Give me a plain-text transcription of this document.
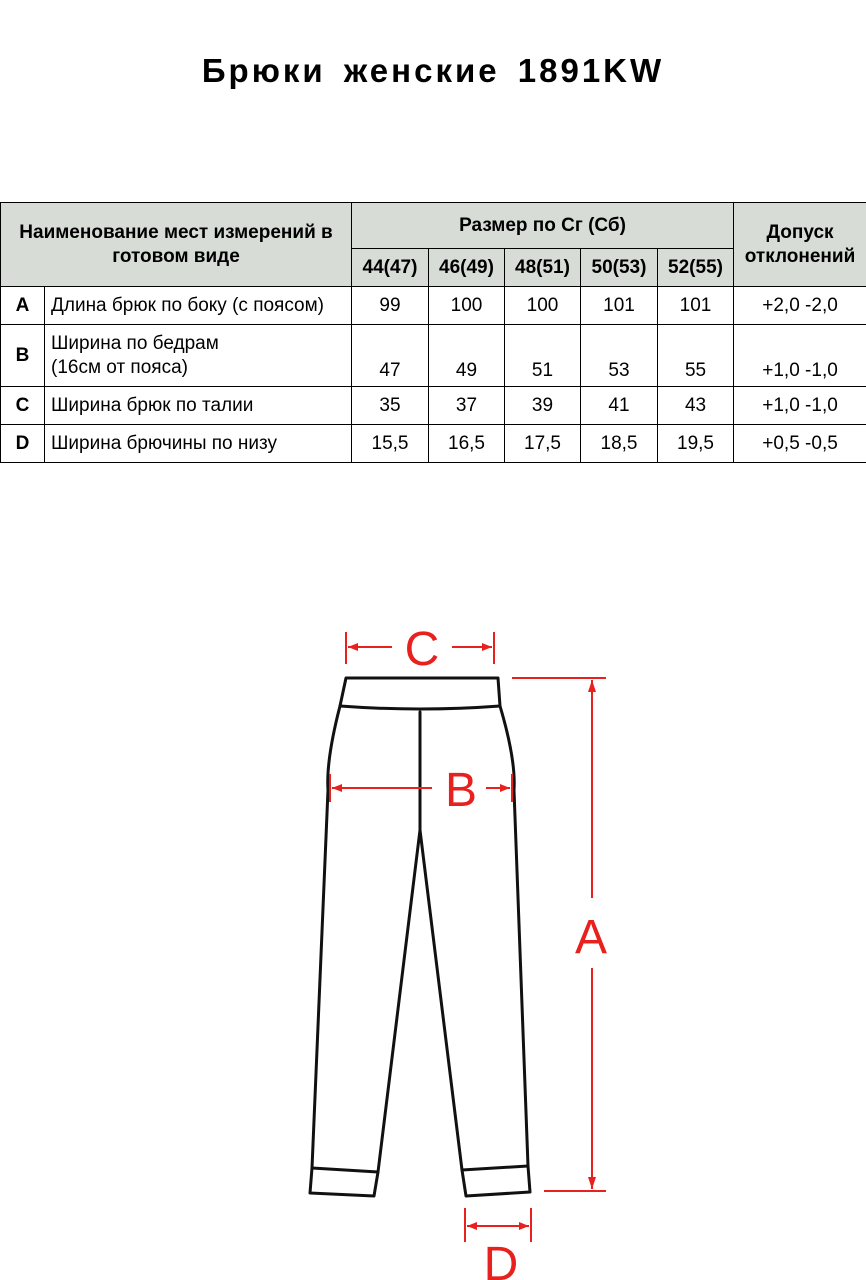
Брюки женские 1891KW
Наименование мест измерений в готовом виде		Размер по Сг (Сб)					Допуск отклонений
		44(47)	46(49)	48(51)	50(53)	52(55)	
A	Длина брюк по боку (с поясом)	99	100	100	101	101	+2,0 -2,0
B	Ширина по бедрам
(16см от пояса)	47	49	51	53	55	+1,0 -1,0
C	Ширина брюк по талии	35	37	39	41	43	+1,0 -1,0
D	Ширина брючины по низу	15,5	16,5	17,5	18,5	19,5	+0,5 -0,5
C
B
A
D
